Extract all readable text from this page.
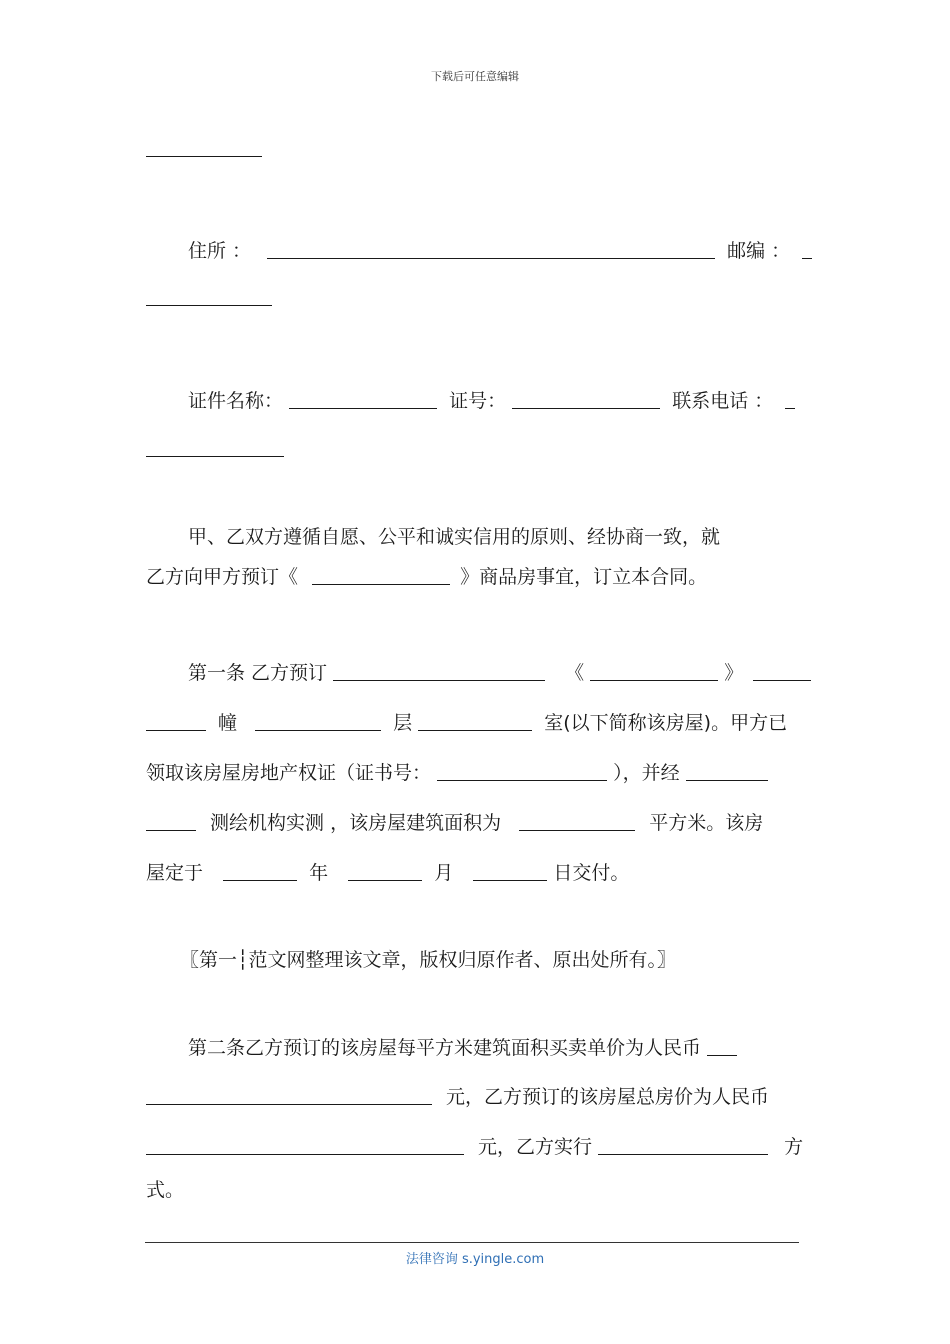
下载后可任意编辑
住所 ：	邮编 ：
证件名称：	证号：	联系电话 ：
甲、乙双方遵循自愿、公平和诚实信用的原则、经协商一致，就
乙方向甲方预订《	》商品房事宜，订立本合同。
第一条 乙方预订	《	》
幢	层	室(以下简称该房屋)。甲方已
领取该房屋房地产权证（证书号：	），并经
测绘机构实测 ，该房屋建筑面积为	平方米。该房
屋定于	年	月	日交付。
〖第一┆范文网整理该文章，版权归原作者、原出处所有。〗
第二条乙方预订的该房屋每平方米建筑面积买卖单价为人民币
元，乙方预订的该房屋总房价为人民币
元，乙方实行	方
式。
法律咨询 s.yingle.com
